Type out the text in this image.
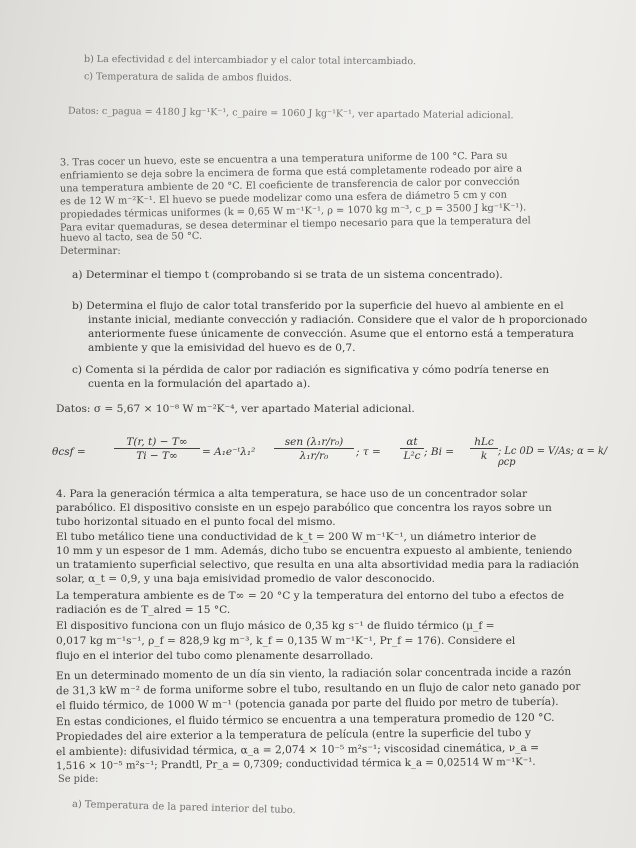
b) La efectividad ε del intercambiador y el calor total intercambiado.
c) Temperatura de salida de ambos fluidos.
Datos: c_pagua = 4180 J kg⁻¹K⁻¹, c_paire = 1060 J kg⁻¹K⁻¹, ver apartado Material adicional.
3. Tras cocer un huevo, este se encuentra a una temperatura uniforme de 100 °C. Para su
enfriamiento se deja sobre la encimera de forma que está completamente rodeado por aire a
una temperatura ambiente de 20 °C. El coeficiente de transferencia de calor por convección
es de 12 W m⁻²K⁻¹. El huevo se puede modelizar como una esfera de diámetro 5 cm y con
propiedades térmicas uniformes (k = 0,65 W m⁻¹K⁻¹, ρ = 1070 kg m⁻³, c_p = 3500 J kg⁻¹K⁻¹).
Para evitar quemaduras, se desea determinar el tiempo necesario para que la temperatura del
huevo al tacto, sea de 50 °C.
Determinar:
a) Determinar el tiempo t (comprobando si se trata de un sistema concentrado).
b) Determina el flujo de calor total transferido por la superficie del huevo al ambiente en el
instante inicial, mediante convección y radiación. Considere que el valor de h proporcionado
anteriormente fuese únicamente de convección. Asume que el entorno está a temperatura
ambiente y que la emisividad del huevo es de 0,7.
c) Comenta si la pérdida de calor por radiación es significativa y cómo podría tenerse en
cuenta en la formulación del apartado a).
Datos: σ = 5,67 × 10⁻⁸ W m⁻²K⁻⁴, ver apartado Material adicional.
θcsf =	$\frac{T(r, t) - T\infty}{Ti - T\infty}$ = A₁e⁻ᵗλ₁²
sen (λ₁r/r₀)
λ₁r/r₀	; $\tau = \frac{\alpha t}{\text{L²c}}$ ; Bi =
hLc
k	; Lc 0D = V/As; α = k/ρcp
4. Para la generación térmica a alta temperatura, se hace uso de un concentrador solar
parabólico. El dispositivo consiste en un espejo parabólico que concentra los rayos sobre un
tubo horizontal situado en el punto focal del mismo.
El tubo metálico tiene una conductividad de k_t = 200 W m⁻¹K⁻¹, un diámetro interior de
10 mm y un espesor de 1 mm. Además, dicho tubo se encuentra expuesto al ambiente, teniendo
un tratamiento superficial selectivo, que resulta en una alta absortividad media para la radiación
solar, α_t = 0,9, y una baja emisividad promedio de valor desconocido.
La temperatura ambiente es de T∞ = 20 °C y la temperatura del entorno del tubo a efectos de
radiación es de T_alred = 15 °C.
El dispositivo funciona con un flujo másico de 0,35 kg s⁻¹ de fluido térmico (μ_f =
0,017 kg m⁻¹s⁻¹, ρ_f = 828,9 kg m⁻³, k_f = 0,135 W m⁻¹K⁻¹, Pr_f = 176). Considere el
flujo en el interior del tubo como plenamente desarrollado.
En un determinado momento de un día sin viento, la radiación solar concentrada incide a razón
de 31,3 kW m⁻² de forma uniforme sobre el tubo, resultando en un flujo de calor neto ganado por
el fluido térmico, de 1000 W m⁻¹ (potencia ganada por parte del fluido por metro de tubería).
En estas condiciones, el fluido térmico se encuentra a una temperatura promedio de 120 °C.
Propiedades del aire exterior a la temperatura de película (entre la superficie del tubo y
el ambiente): difusividad térmica, α_a = 2,074 × 10⁻⁵ m²s⁻¹; viscosidad cinemática, ν_a =
1,516 × 10⁻⁵ m²s⁻¹; Prandtl, Pr_a = 0,7309; conductividad térmica k_a = 0,02514 W m⁻¹K⁻¹.
Se pide:
a) Temperatura de la pared interior del tubo.
